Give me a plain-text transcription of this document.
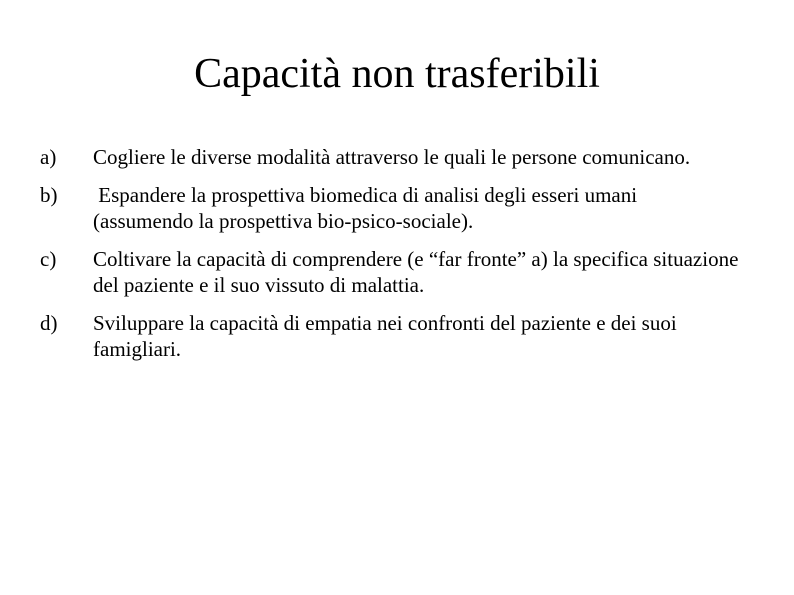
Capacità non trasferibili
a)	Cogliere le diverse modalità attraverso le quali le persone comunicano.
b)	Espandere la prospettiva biomedica di analisi degli esseri umani (assumendo la prospettiva bio-psico-sociale).
c)	Coltivare la capacità di comprendere (e “far fronte” a) la specifica situazione del paziente e il suo vissuto di malattia.
d)	Sviluppare la capacità di empatia nei confronti del paziente e dei suoi famigliari.
